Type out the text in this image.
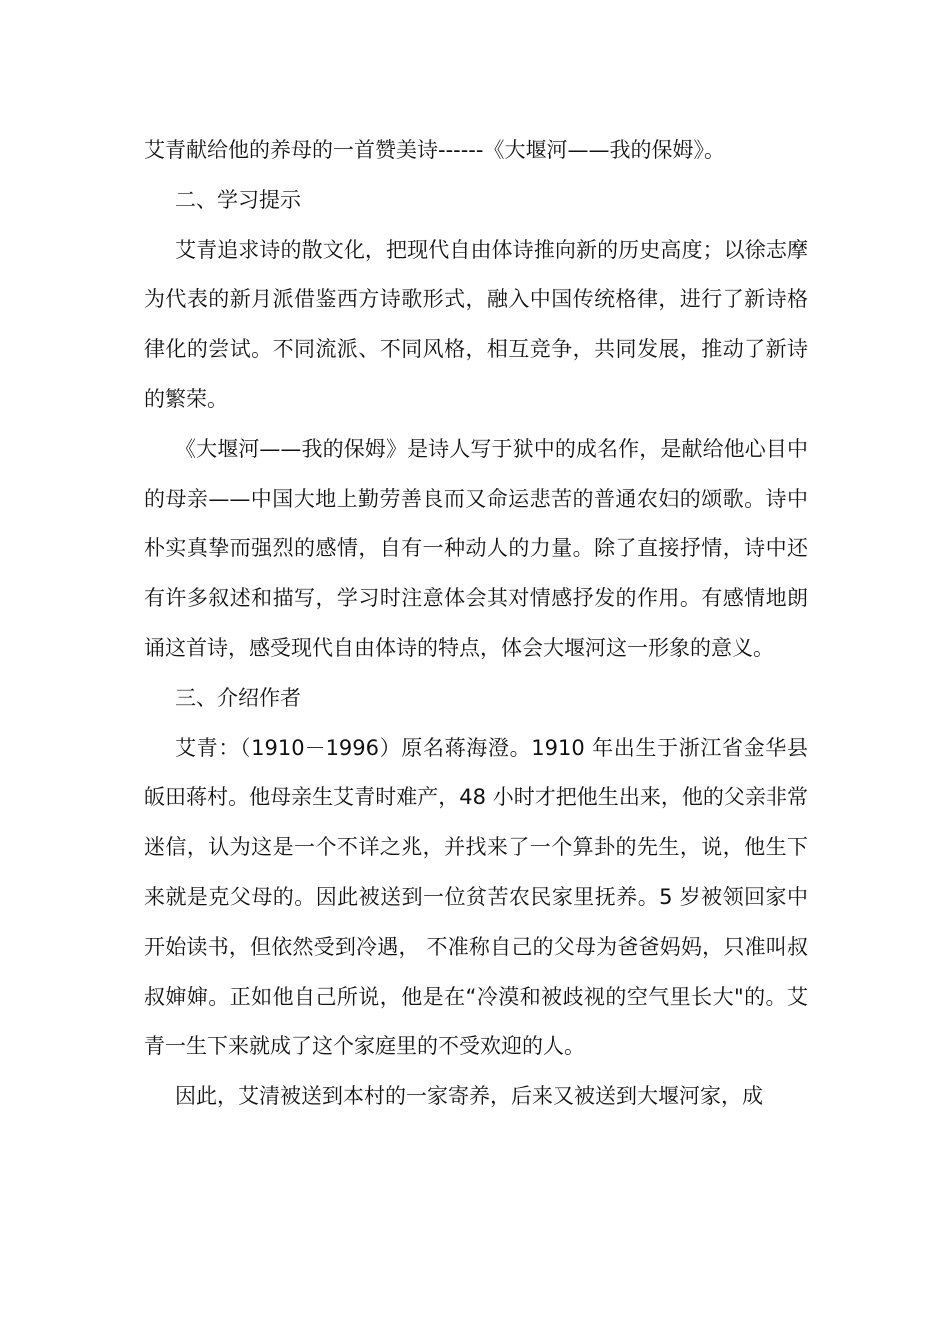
艾青献给他的养母的一首赞美诗------《大堰河——我的保姆》。

二、学习提示

艾青追求诗的散文化，把现代自由体诗推向新的历史高度；以徐志摩为代表的新月派借鉴西方诗歌形式，融入中国传统格律，进行了新诗格律化的尝试。不同流派、不同风格，相互竞争，共同发展，推动了新诗的繁荣。

《大堰河——我的保姆》是诗人写于狱中的成名作，是献给他心目中的母亲——中国大地上勤劳善良而又命运悲苦的普通农妇的颂歌。诗中朴实真挚而强烈的感情，自有一种动人的力量。除了直接抒情，诗中还有许多叙述和描写，学习时注意体会其对情感抒发的作用。有感情地朗诵这首诗，感受现代自由体诗的特点，体会大堰河这一形象的意义。

三、介绍作者

艾青：（1910－1996）原名蒋海澄。1910 年出生于浙江省金华县皈田蒋村。他母亲生艾青时难产，48 小时才把他生出来，他的父亲非常迷信，认为这是一个不详之兆，并找来了一个算卦的先生，说，他生下来就是克父母的。因此被送到一位贫苦农民家里抚养。5 岁被领回家中开始读书，但依然受到冷遇， 不准称自己的父母为爸爸妈妈，只准叫叔叔婶婶。正如他自己所说，他是在“冷漠和被歧视的空气里长大"的。艾青一生下来就成了这个家庭里的不受欢迎的人。

因此，艾清被送到本村的一家寄养，后来又被送到大堰河家，成
